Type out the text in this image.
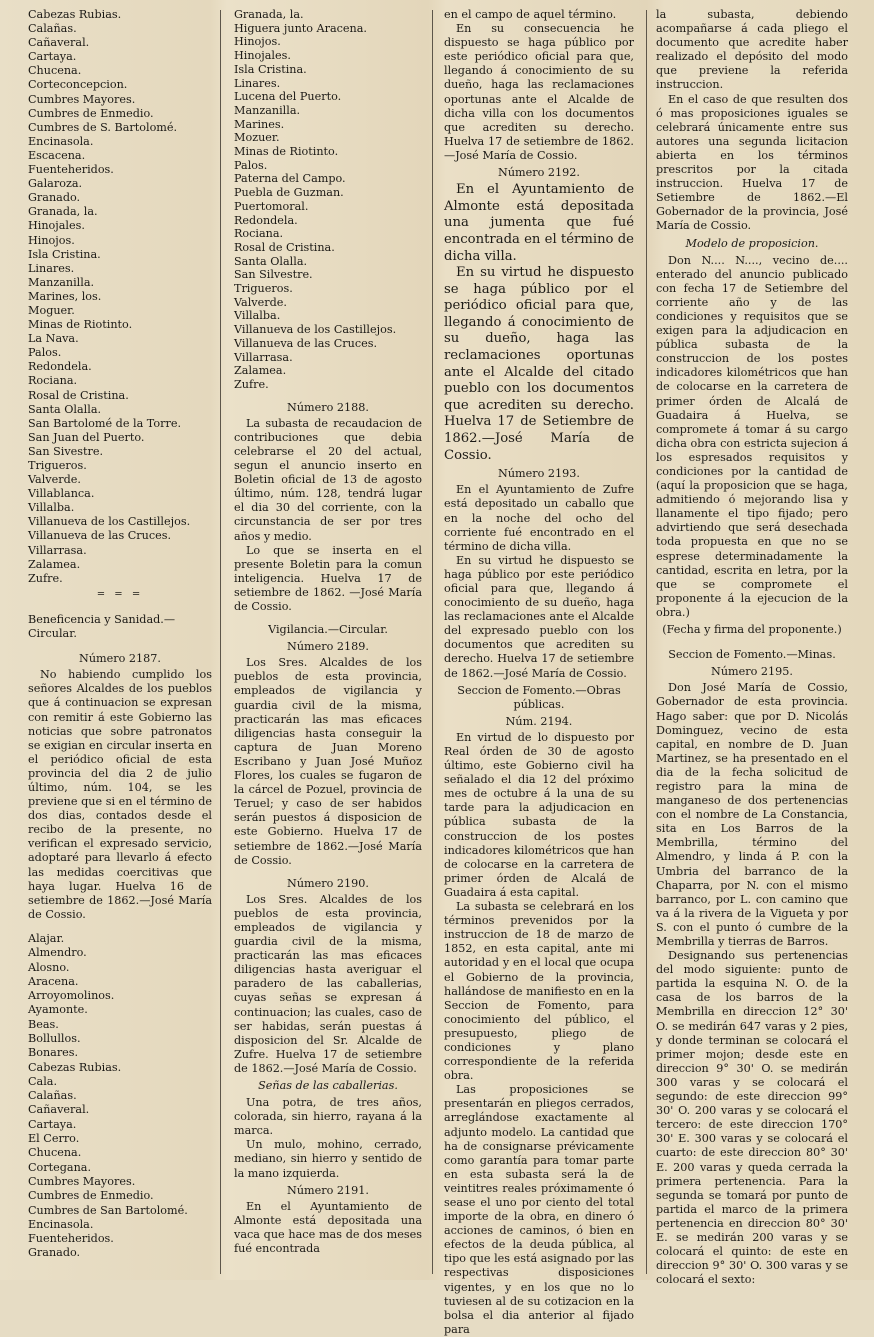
Cabezas Rubias.
Calañas.
Cañaveral.
Cartaya.
Chucena.
Corteconcepcion.
Cumbres Mayores.
Cumbres de Enmedio.
Cumbres de S. Bartolomé.
Encinasola.
Escacena.
Fuenteheridos.
Galaroza.
Granado.
Granada, la.
Hinojales.
Hinojos.
Isla Cristina.
Linares.
Manzanilla.
Marines, los.
Moguer.
Minas de Riotinto.
La Nava.
Palos.
Redondela.
Rociana.
Rosal de Cristina.
Santa Olalla.
San Bartolomé de la Torre.
San Juan del Puerto.
San Sivestre.
Trigueros.
Valverde.
Villablanca.
Villalba.
Villanueva de los Castillejos.
Villanueva de las Cruces.
Villarrasa.
Zalamea.
Zufre.
= = =

Beneficencia y Sanidad.—Circular.

Número 2187.

No habiendo cumplido los señores Alcaldes de los pueblos que á continuacion se expresan con remitir á este Gobierno las noticias que sobre patronatos se exigian en circular inserta en el periódico oficial de esta provincia del dia 2 de julio último, núm. 104, se les previene que si en el término de dos dias, contados desde el recibo de la presente, no verifican el expresado servicio, adoptaré para llevarlo á efecto las medidas coercitivas que haya lugar. Huelva 16 de setiembre de 1862.—José María de Cossio.

Alajar.
Almendro.
Alosno.
Aracena.
Arroyomolinos.
Ayamonte.
Beas.
Bollullos.
Bonares.
Cabezas Rubias.
Cala.
Calañas.
Cañaveral.
Cartaya.
El Cerro.
Chucena.
Cortegana.
Cumbres Mayores.
Cumbres de Enmedio.
Cumbres de San Bartolomé.
Encinasola.
Fuenteheridos.
Granado.
Granada, la.
Higuera junto Aracena.
Hinojos.
Hinojales.
Isla Cristina.
Linares.
Lucena del Puerto.
Manzanilla.
Marines.
Mozuer.
Minas de Riotinto.
Palos.
Paterna del Campo.
Puebla de Guzman.
Puertomoral.
Redondela.
Rociana.
Rosal de Cristina.
Santa Olalla.
San Silvestre.
Trigueros.
Valverde.
Villalba.
Villanueva de los Castillejos.
Villanueva de las Cruces.
Villarrasa.
Zalamea.
Zufre.
Número 2188.

La subasta de recaudacion de contribuciones que debia celebrarse el 20 del actual, segun el anuncio inserto en Boletin oficial de 13 de agosto último, núm. 128, tendrá lugar el dia 30 del corriente, con la circunstancia de ser por tres años y medio.

Lo que se inserta en el presente Boletin para la comun inteligencia. Huelva 17 de setiembre de 1862. —José María de Cossio.

Vigilancia.—Circular.
Número 2189.

Los Sres. Alcaldes de los pueblos de esta provincia, empleados de vigilancia y guardia civil de la misma, practicarán las mas eficaces diligencias hasta conseguir la captura de Juan Moreno Escribano y Juan José Muñoz Flores, los cuales se fugaron de la cárcel de Pozuel, provincia de Teruel; y caso de ser habidos serán puestos á disposicion de este Gobierno. Huelva 17 de setiembre de 1862.—José María de Cossio.

Número 2190.

Los Sres. Alcaldes de los pueblos de esta provincia, empleados de vigilancia y guardia civil de la misma, practicarán las mas eficaces diligencias hasta averiguar el paradero de las caballerias, cuyas señas se expresan á continuacion; las cuales, caso de ser habidas, serán puestas á disposicion del Sr. Alcalde de Zufre. Huelva 17 de setiembre de 1862.—José María de Cossio.

Señas de las caballerias.

Una potra, de tres años, colorada, sin hierro, rayana á la marca.

Un mulo, mohino, cerrado, mediano, sin hierro y sentido de la mano izquierda.

Número 2191.

En el Ayuntamiento de Almonte está depositada una vaca que hace mas de dos meses fué encontrada

en el campo de aquel término.

En su consecuencia he dispuesto se haga público por este periódico oficial para que, llegando á conocimiento de su dueño, haga las reclamaciones oportunas ante el Alcalde de dicha villa con los documentos que acrediten su derecho. Huelva 17 de setiembre de 1862. —José María de Cossio.

Número 2192.

En el Ayuntamiento de Almonte está depositada una jumenta que fué encontrada en el término de dicha villa.

En su virtud he dispuesto se haga público por el periódico oficial para que, llegando á conocimiento de su dueño, haga las reclamaciones oportunas ante el Alcalde del citado pueblo con los documentos que acrediten su derecho. Huelva 17 de Setiembre de 1862.—José María de Cossio.

Número 2193.

En el Ayuntamiento de Zufre está depositado un caballo que en la noche del ocho del corriente fué encontrado en el término de dicha villa.

En su virtud he dispuesto se haga público por este periódico oficial para que, llegando á conocimiento de su dueño, haga las reclamaciones ante el Alcalde del expresado pueblo con los documentos que acrediten su derecho. Huelva 17 de setiembre de 1862.—José María de Cossio.

Seccion de Fomento.—Obras públicas.
Núm. 2194.

En virtud de lo dispuesto por Real órden de 30 de agosto último, este Gobierno civil ha señalado el dia 12 del próximo mes de octubre á la una de su tarde para la adjudicacion en pública subasta de la construccion de los postes indicadores kilométricos que han de colocarse en la carretera de primer órden de Alcalá de Guadaira á esta capital.

La subasta se celebrará en los términos prevenidos por la instruccion de 18 de marzo de 1852, en esta capital, ante mi autoridad y en el local que ocupa el Gobierno de la provincia, hallándose de manifiesto en en la Seccion de Fomento, para conocimiento del público, el presupuesto, pliego de condiciones y plano correspondiente de la referida obra.

Las proposiciones se presentarán en pliegos cerrados, arreglándose exactamente al adjunto modelo. La cantidad que ha de consignarse prévicamente como garantía para tomar parte en esta subasta será la de veintitres reales próximamente ó sease el uno por ciento del total importe de la obra, en dinero ó acciones de caminos, ó bien en efectos de la deuda pública, al tipo que les está asignado por las respectivas disposiciones vigentes, y en los que no lo tuviesen al de su cotizacion en la bolsa el dia anterior al fijado para

la subasta, debiendo acompañarse á cada pliego el documento que acredite haber realizado el depósito del modo que previene la referida instruccion.

En el caso de que resulten dos ó mas proposiciones iguales se celebrará únicamente entre sus autores una segunda licitacion abierta en los términos prescritos por la citada instruccion. Huelva 17 de Setiembre de 1862.—El Gobernador de la provincia, José María de Cossio.

Modelo de proposicion.

Don N.... N...., vecino de.... enterado del anuncio publicado con fecha 17 de Setiembre del corriente año y de las condiciones y requisitos que se exigen para la adjudicacion en pública subasta de la construccion de los postes indicadores kilométricos que han de colocarse en la carretera de primer órden de Alcalá de Guadaira á Huelva, se compromete á tomar á su cargo dicha obra con estricta sujecion á los espresados requisitos y condiciones por la cantidad de (aquí la proposicion que se haga, admitiendo ó mejorando lisa y llanamente el tipo fijado; pero advirtiendo que será desechada toda propuesta en que no se esprese determinadamente la cantidad, escrita en letra, por la que se compromete el proponente á la ejecucion de la obra.)

(Fecha y firma del proponente.)
Seccion de Fomento.—Minas.
Número 2195.

Don José María de Cossio, Gobernador de esta provincia. Hago saber: que por D. Nicolás Dominguez, vecino de esta capital, en nombre de D. Juan Martinez, se ha presentado en el dia de la fecha solicitud de registro para la mina de manganeso de dos pertenencias con el nombre de La Constancia, sita en Los Barros de la Membrilla, término del Almendro, y linda á P. con la Umbria del barranco de la Chaparra, por N. con el mismo barranco, por L. con camino que va á la rivera de la Vigueta y por S. con el punto ó cumbre de la Membrilla y tierras de Barros.

Designando sus pertenencias del modo siguiente: punto de partida la esquina N. O. de la casa de los barros de la Membrilla en direccion 12° 30' O. se medirán 647 varas y 2 pies, y donde terminan se colocará el primer mojon; desde este en direccion 9° 30' O. se medirán 300 varas y se colocará el segundo: de este direccion 99° 30' O. 200 varas y se colocará el tercero: de este direccion 170° 30' E. 300 varas y se colocará el cuarto: de este direccion 80° 30' E. 200 varas y queda cerrada la primera pertenencia. Para la segunda se tomará por punto de partida el marco de la primera pertenencia en direccion 80° 30' E. se medirán 200 varas y se colocará el quinto: de este en direccion 9° 30' O. 300 varas y se colocará el sexto:
